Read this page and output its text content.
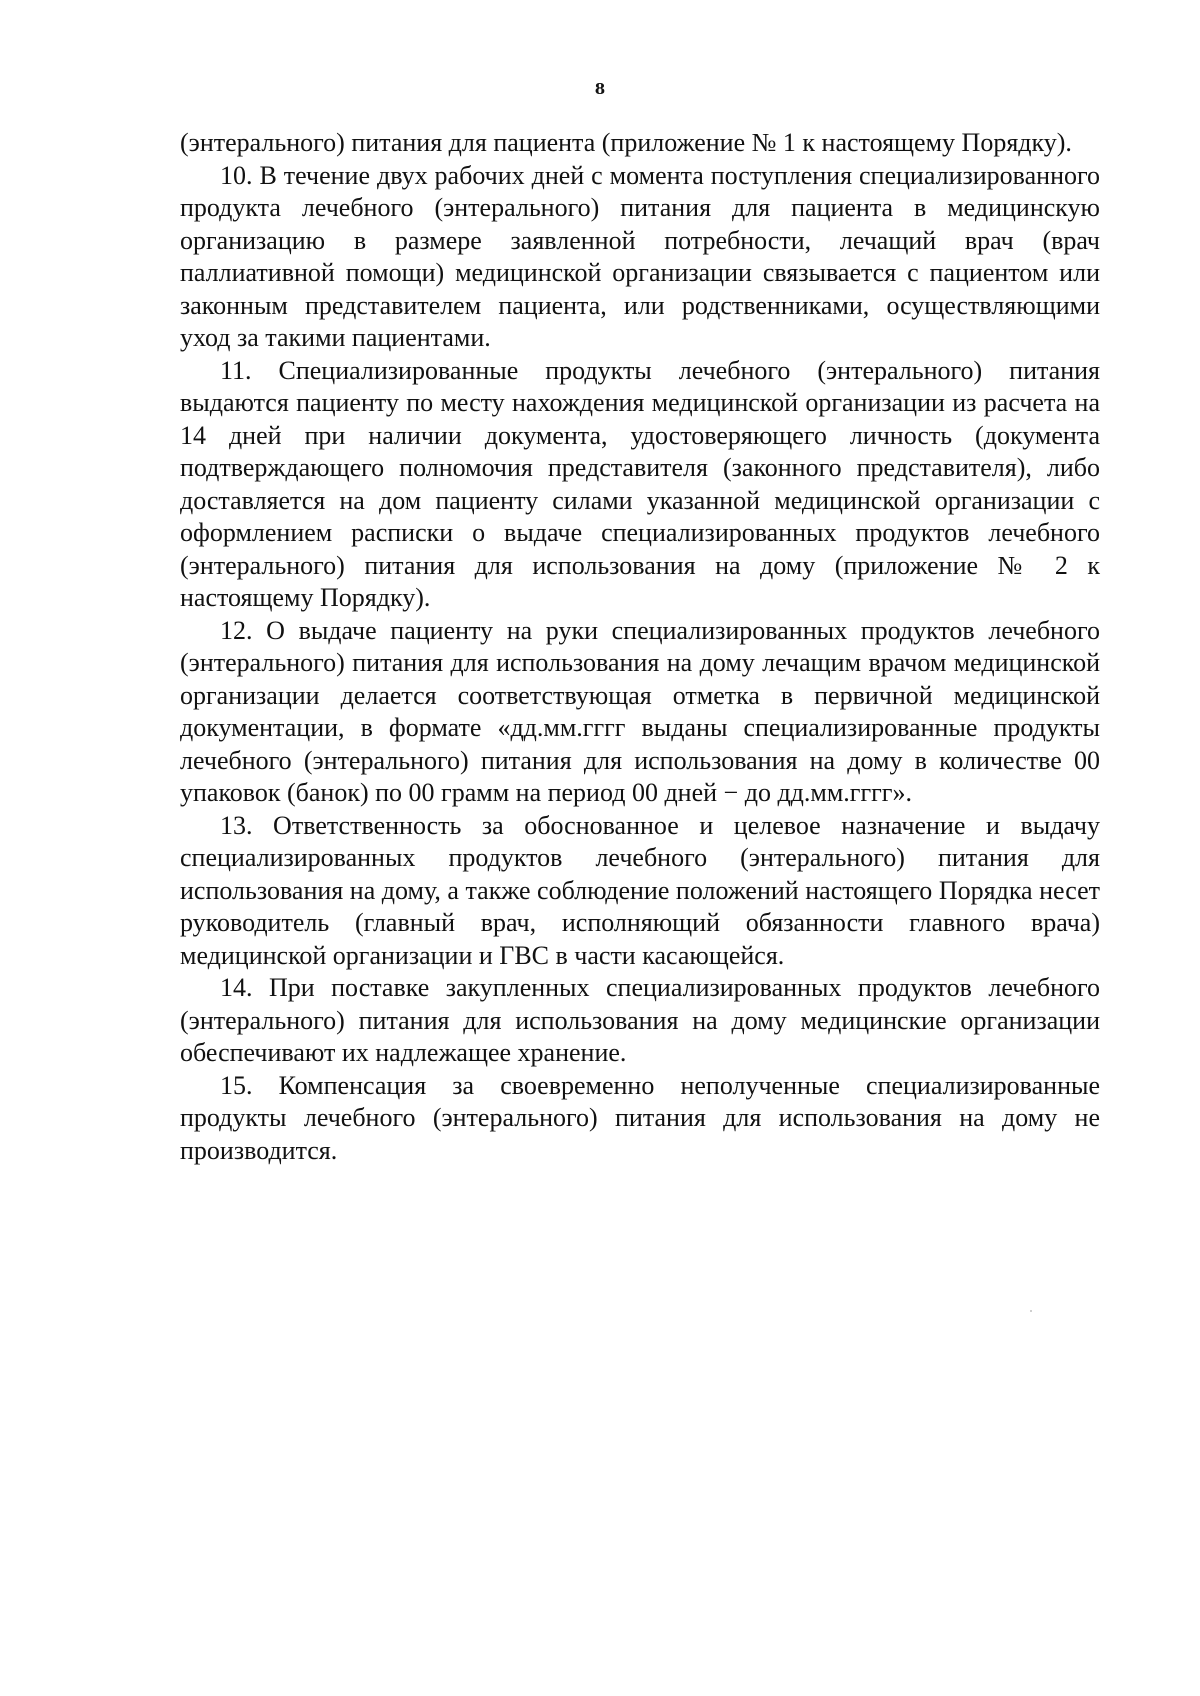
8

(энтерального) питания для пациента (приложение № 1 к настоящему Порядку).

10. В течение двух рабочих дней с момента поступления специализированного продукта лечебного (энтерального) питания для пациента в медицинскую организацию в размере заявленной потребности, лечащий врач (врач паллиативной помощи) медицинской организации связывается с пациентом или законным представителем пациента, или родственниками, осуществляющими уход за такими пациентами.

11. Специализированные продукты лечебного (энтерального) питания выдаются пациенту по месту нахождения медицинской организации из расчета на 14 дней при наличии документа, удостоверяющего личность (документа подтверждающего полномочия представителя (законного представителя), либо доставляется на дом пациенту силами указанной медицинской организации с оформлением расписки о выдаче специализированных продуктов лечебного (энтерального) питания для использования на дому (приложение № 2 к настоящему Порядку).

12. О выдаче пациенту на руки специализированных продуктов лечебного (энтерального) питания для использования на дому лечащим врачом медицинской организации делается соответствующая отметка в первичной медицинской документации, в формате «дд.мм.гггг выданы специализированные продукты лечебного (энтерального) питания для использования на дому в количестве 00 упаковок (банок) по 00 грамм на период 00 дней − до дд.мм.гггг».

13. Ответственность за обоснованное и целевое назначение и выдачу специализированных продуктов лечебного (энтерального) питания для использования на дому, а также соблюдение положений настоящего Порядка несет руководитель (главный врач, исполняющий обязанности главного врача) медицинской организации и ГВС в части касающейся.

14. При поставке закупленных специализированных продуктов лечебного (энтерального) питания для использования на дому медицинские организации обеспечивают их надлежащее хранение.

15. Компенсация за своевременно неполученные специализированные продукты лечебного (энтерального) питания для использования на дому не производится.
